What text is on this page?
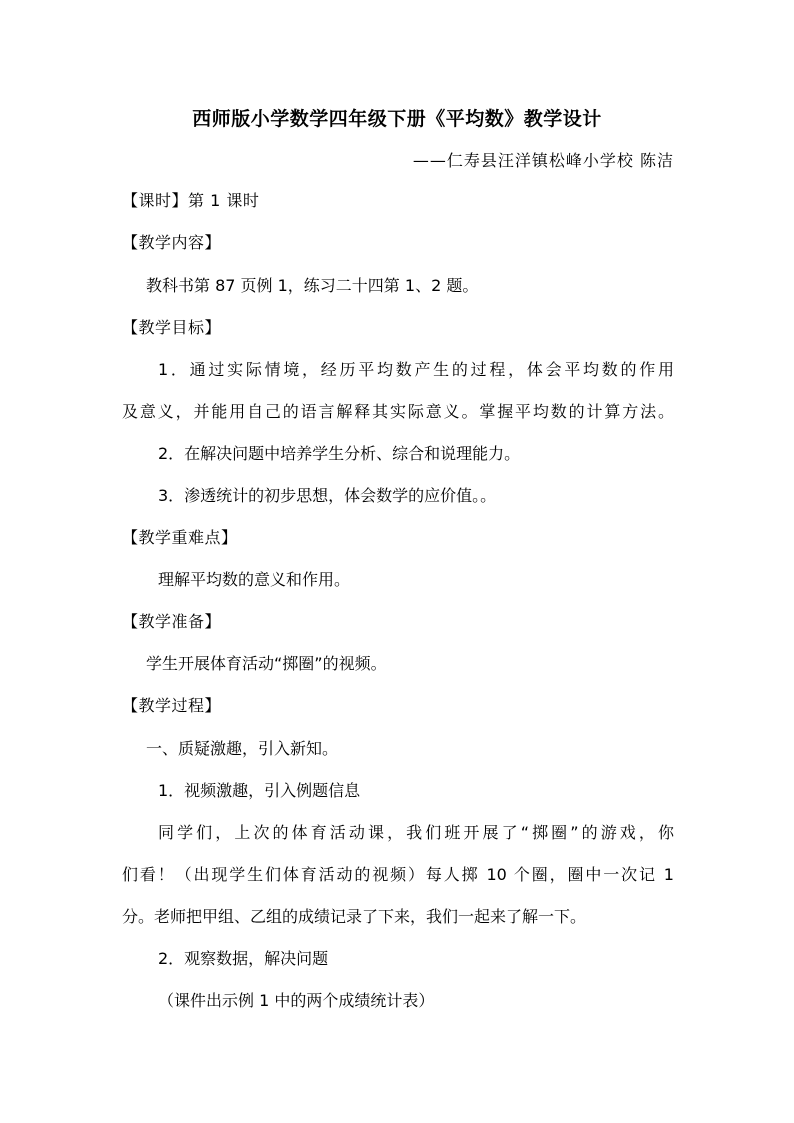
西师版小学数学四年级下册《平均数》教学设计
——仁寿县汪洋镇松峰小学校 陈洁
【课时】第 1 课时
【教学内容】
教科书第 87 页例 1，练习二十四第 1、2 题。
【教学目标】
1．通过实际情境，经历平均数产生的过程，体会平均数的作用
及意义，并能用自己的语言解释其实际意义。掌握平均数的计算方法。
2．在解决问题中培养学生分析、综合和说理能力。
3．渗透统计的初步思想，体会数学的应价值。。
【教学重难点】
理解平均数的意义和作用。
【教学准备】
学生开展体育活动“掷圈”的视频。
【教学过程】
一、质疑激趣，引入新知。
1．视频激趣，引入例题信息
同学们，上次的体育活动课，我们班开展了“掷圈”的游戏，你
们看！（出现学生们体育活动的视频）每人掷 10 个圈，圈中一次记 1
分。老师把甲组、乙组的成绩记录了下来，我们一起来了解一下。
2．观察数据，解决问题
（课件出示例 1 中的两个成绩统计表）
